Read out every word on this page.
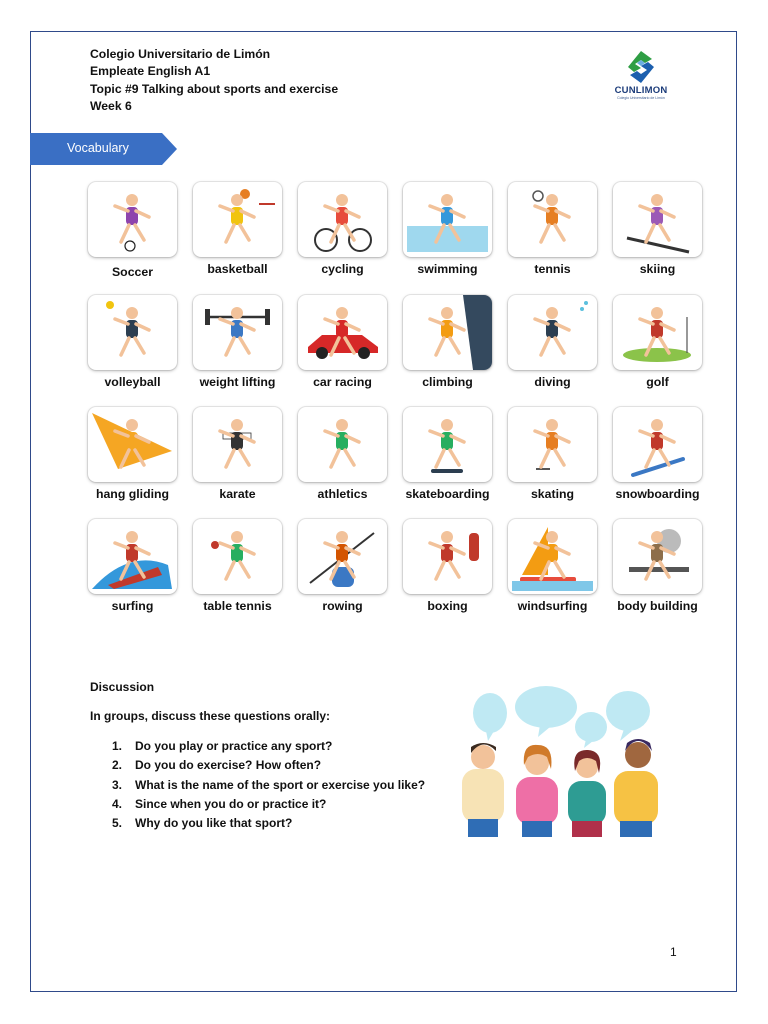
Colegio Universitario de Limón
Empleate English A1
Topic #9 Talking about sports and exercise
Week 6
CUNLIMON
Colegio Universitario de Limón
Vocabulary
Soccer	basketball	cycling	swimming	tennis	skiing
volleyball	weight lifting	car racing	climbing	diving	golf
hang gliding	karate	athletics	skateboarding	skating	snowboarding
surfing	table tennis	rowing	boxing	windsurfing	body building
Discussion
In groups, discuss these questions orally:
1. Do you play or practice any sport?
2. Do you do exercise? How often?
3. What is the name of the sport or exercise you like?
4. Since when you do or practice it?
5. Why do you like that sport?
1
